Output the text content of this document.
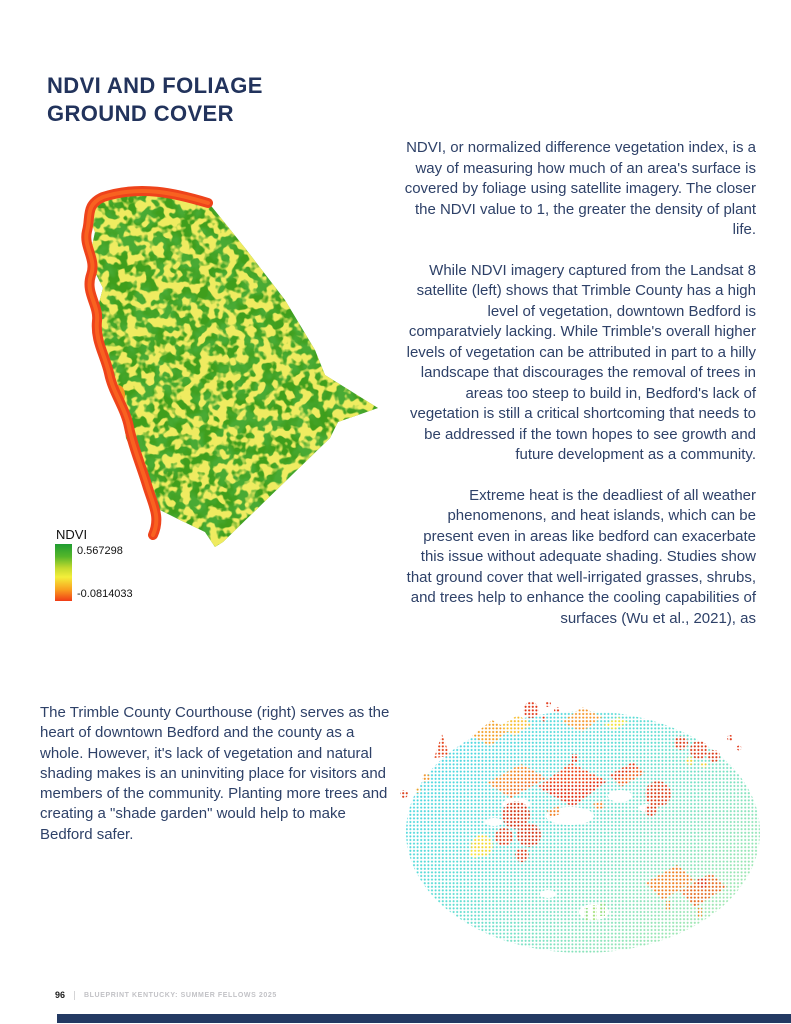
NDVI AND FOLIAGE
GROUND COVER
NDVI
0.567298
-0.0814033

NDVI, or normalized difference vegetation index, is a way of measuring how much of an area's surface is covered by foliage using satellite imagery. The closer the NDVI value to 1, the greater the density of plant life.

While NDVI imagery captured from the Landsat 8 satellite (left) shows that Trimble County has a high level of vegetation, downtown Bedford is comparatviely lacking. While Trimble's overall higher levels of vegetation can be attributed in part to a hilly landscape that discourages the removal of trees in areas too steep to build in, Bedford's lack of vegetation is still a critical shortcoming that needs to be addressed if the town hopes to see growth and future development as a community.

Extreme heat is the deadliest of all weather phenomenons, and heat islands, which can be present even in areas like bedford can exacerbate this issue without adequate shading. Studies show that ground cover that well-irrigated grasses, shrubs, and trees help to enhance the cooling capabilities of surfaces (Wu et al., 2021), as

The Trimble County Courthouse (right) serves as the heart of downtown Bedford and the county as a whole. However, it's lack of vegetation and natural shading makes is an uninviting place for visitors and members of the community. Planting more trees and creating a "shade garden" would help to make Bedford safer.
96	BLUEPRINT KENTUCKY: SUMMER FELLOWS 2025
